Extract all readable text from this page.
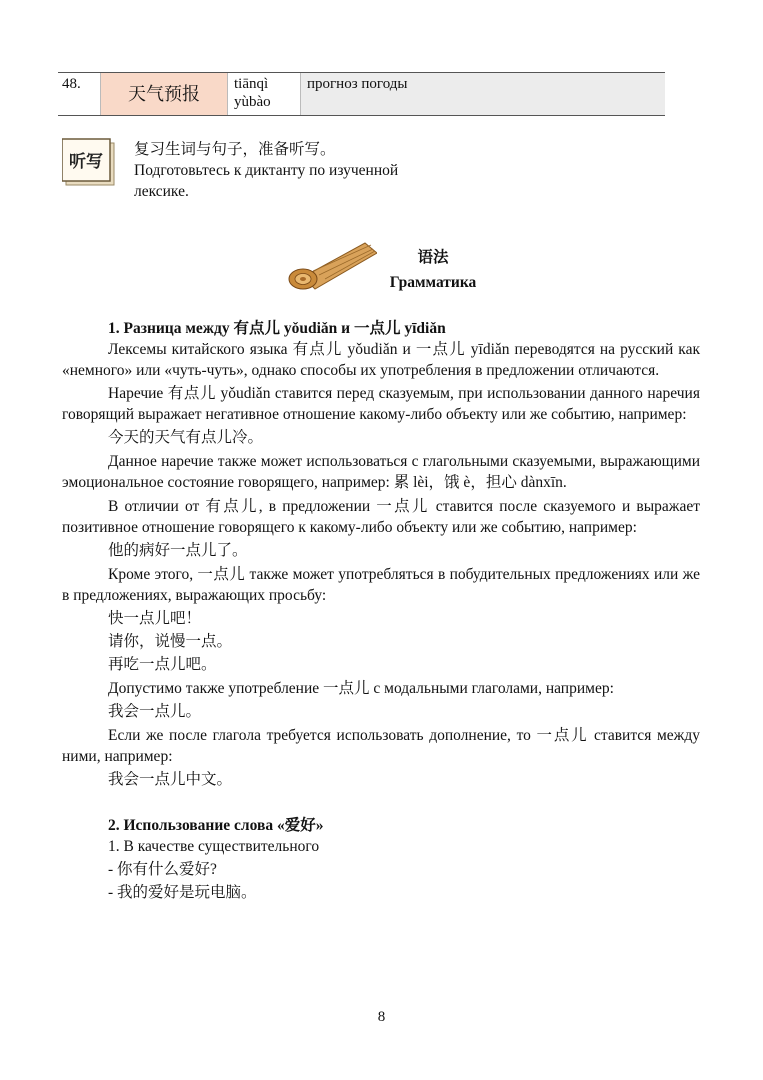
48.	天气预报	tiānqì
yùbào
прогноз погоды
听写
复习生词与句子，准备听写。
Подготовьтесь к диктанту по изученной
лексике.
语法
Грамматика

1. Разница между 有点儿 yǒudiǎn и 一点儿 yīdiǎn

Лексемы китайского языка 有点儿 yǒudiǎn и 一点儿 yīdiǎn переводятся на русский как «немного» или «чуть-чуть», однако способы их употребления в предложении отличаются.

Наречие 有点儿 yǒudiǎn ставится перед сказуемым, при использовании данного наречия говорящий выражает негативное отношение какому-либо объекту или же событию, например:

今天的天气有点儿冷。

Данное наречие также может использоваться с глагольными сказуемыми, выражающими эмоциональное состояние говорящего, например: 累 lèi，饿 è，担心 dànxīn.

В отличии от 有点儿, в предложении 一点儿 ставится после сказуемого и выражает позитивное отношение говорящего к какому-либо объекту или же событию, например:

他的病好一点儿了。

Кроме этого, 一点儿 также может употребляться в побудительных предложениях или же в предложениях, выражающих просьбу:

快一点儿吧！

请你，说慢一点。

再吃一点儿吧。

Допустимо также употребление 一点儿 с модальными глаголами, например:

我会一点儿。

Если же после глагола требуется использовать дополнение, то 一点儿 ставится между ними, например:

我会一点儿中文。

2. Использование слова «爱好»

1. В качестве существительного

- 你有什么爱好?

- 我的爱好是玩电脑。

8
